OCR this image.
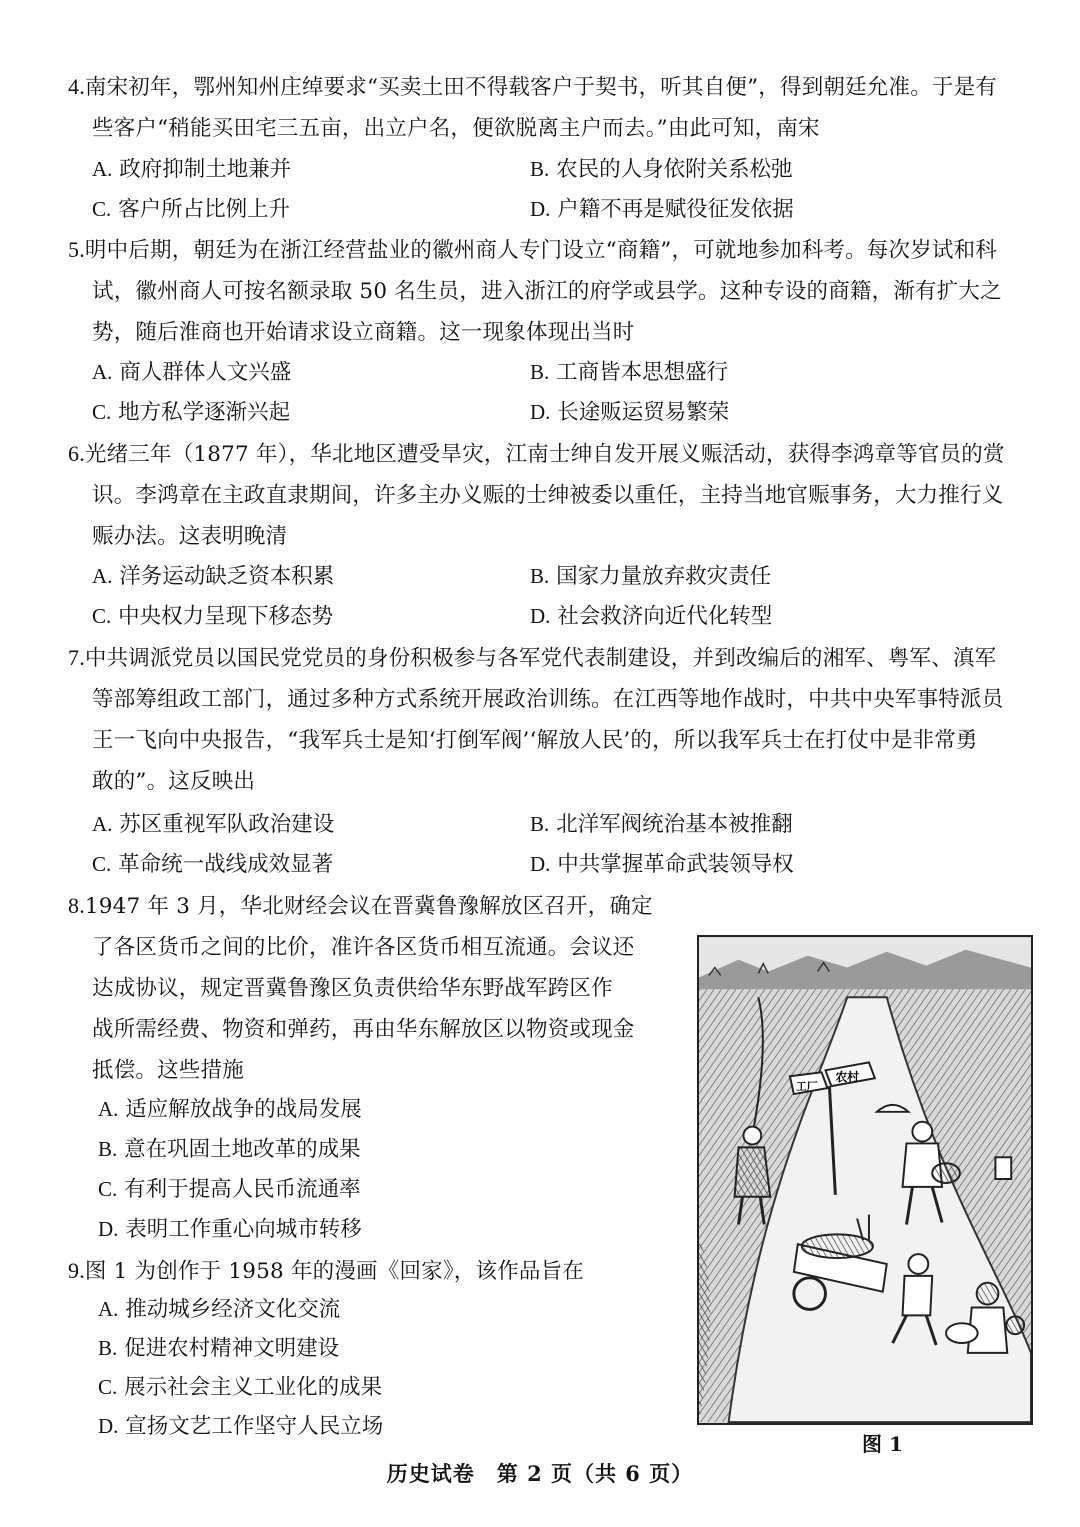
4.南宋初年，鄂州知州庄绰要求“买卖土田不得载客户于契书，听其自便”，得到朝廷允准。于是有
些客户“稍能买田宅三五亩，出立户名，便欲脱离主户而去。”由此可知，南宋
A. 政府抑制土地兼并	B. 农民的人身依附关系松弛
C. 客户所占比例上升	D. 户籍不再是赋役征发依据
5.明中后期，朝廷为在浙江经营盐业的徽州商人专门设立“商籍”，可就地参加科考。每次岁试和科
试，徽州商人可按名额录取 50 名生员，进入浙江的府学或县学。这种专设的商籍，渐有扩大之
势，随后淮商也开始请求设立商籍。这一现象体现出当时
A. 商人群体人文兴盛	B. 工商皆本思想盛行
C. 地方私学逐渐兴起	D. 长途贩运贸易繁荣
6.光绪三年（1877 年），华北地区遭受旱灾，江南士绅自发开展义赈活动，获得李鸿章等官员的赏
识。李鸿章在主政直隶期间，许多主办义赈的士绅被委以重任，主持当地官赈事务，大力推行义
赈办法。这表明晚清
A. 洋务运动缺乏资本积累	B. 国家力量放弃救灾责任
C. 中央权力呈现下移态势	D. 社会救济向近代化转型
7.中共调派党员以国民党党员的身份积极参与各军党代表制建设，并到改编后的湘军、粤军、滇军
等部筹组政工部门，通过多种方式系统开展政治训练。在江西等地作战时，中共中央军事特派员
王一飞向中央报告，“我军兵士是知‘打倒军阀’‘解放人民’的，所以我军兵士在打仗中是非常勇
敢的”。这反映出
A. 苏区重视军队政治建设	B. 北洋军阀统治基本被推翻
C. 革命统一战线成效显著	D. 中共掌握革命武装领导权
8.1947 年 3 月，华北财经会议在晋冀鲁豫解放区召开，确定
了各区货币之间的比价，准许各区货币相互流通。会议还
达成协议，规定晋冀鲁豫区负责供给华东野战军跨区作
战所需经费、物资和弹药，再由华东解放区以物资或现金
抵偿。这些措施
A. 适应解放战争的战局发展
B. 意在巩固土地改革的成果
C. 有利于提高人民币流通率
D. 表明工作重心向城市转移
9.图 1 为创作于 1958 年的漫画《回家》，该作品旨在
A. 推动城乡经济文化交流
B. 促进农村精神文明建设
C. 展示社会主义工业化的成果
D. 宣扬文艺工作坚守人民立场
工厂
农村
图 1
历史试卷　第 2 页（共 6 页）
